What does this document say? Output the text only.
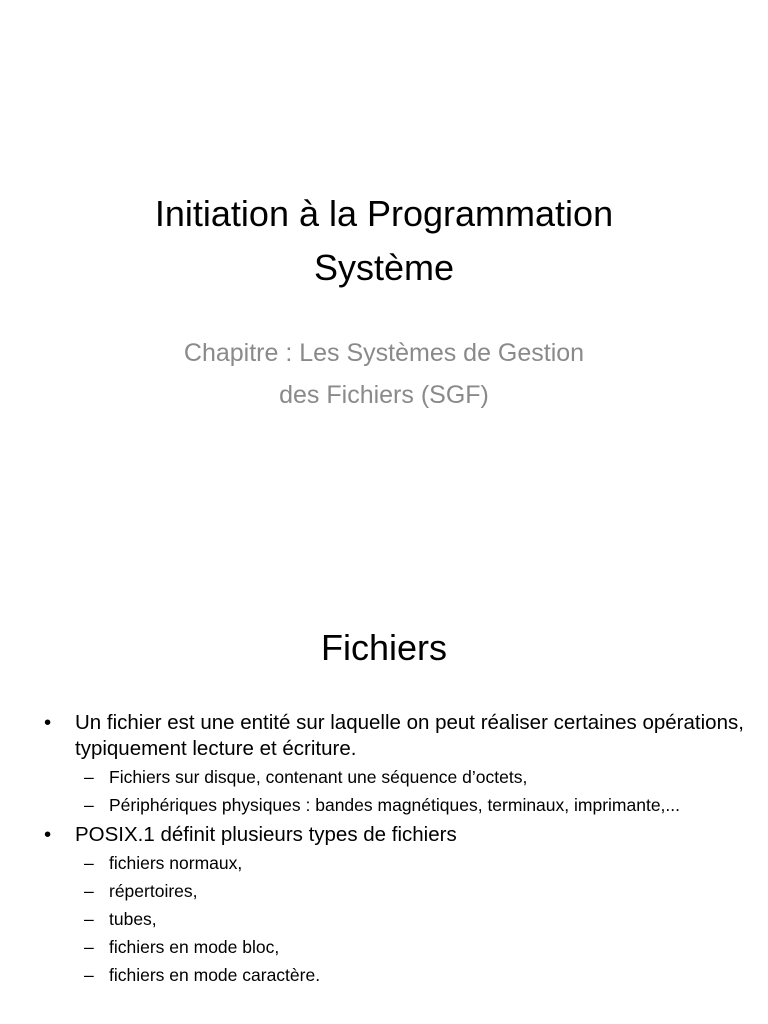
Initiation à la Programmation
Système
Chapitre : Les Systèmes de Gestion
des Fichiers (SGF)
Fichiers
•	Un fichier est une entité sur laquelle on peut réaliser certaines opérations, typiquement lecture et écriture.
– Fichiers sur disque, contenant une séquence d’octets,
– Périphériques physiques : bandes magnétiques, terminaux, imprimante,...
•	POSIX.1 définit plusieurs types de fichiers
– fichiers normaux,
– répertoires,
– tubes,
– fichiers en mode bloc,
– fichiers en mode caractère.
